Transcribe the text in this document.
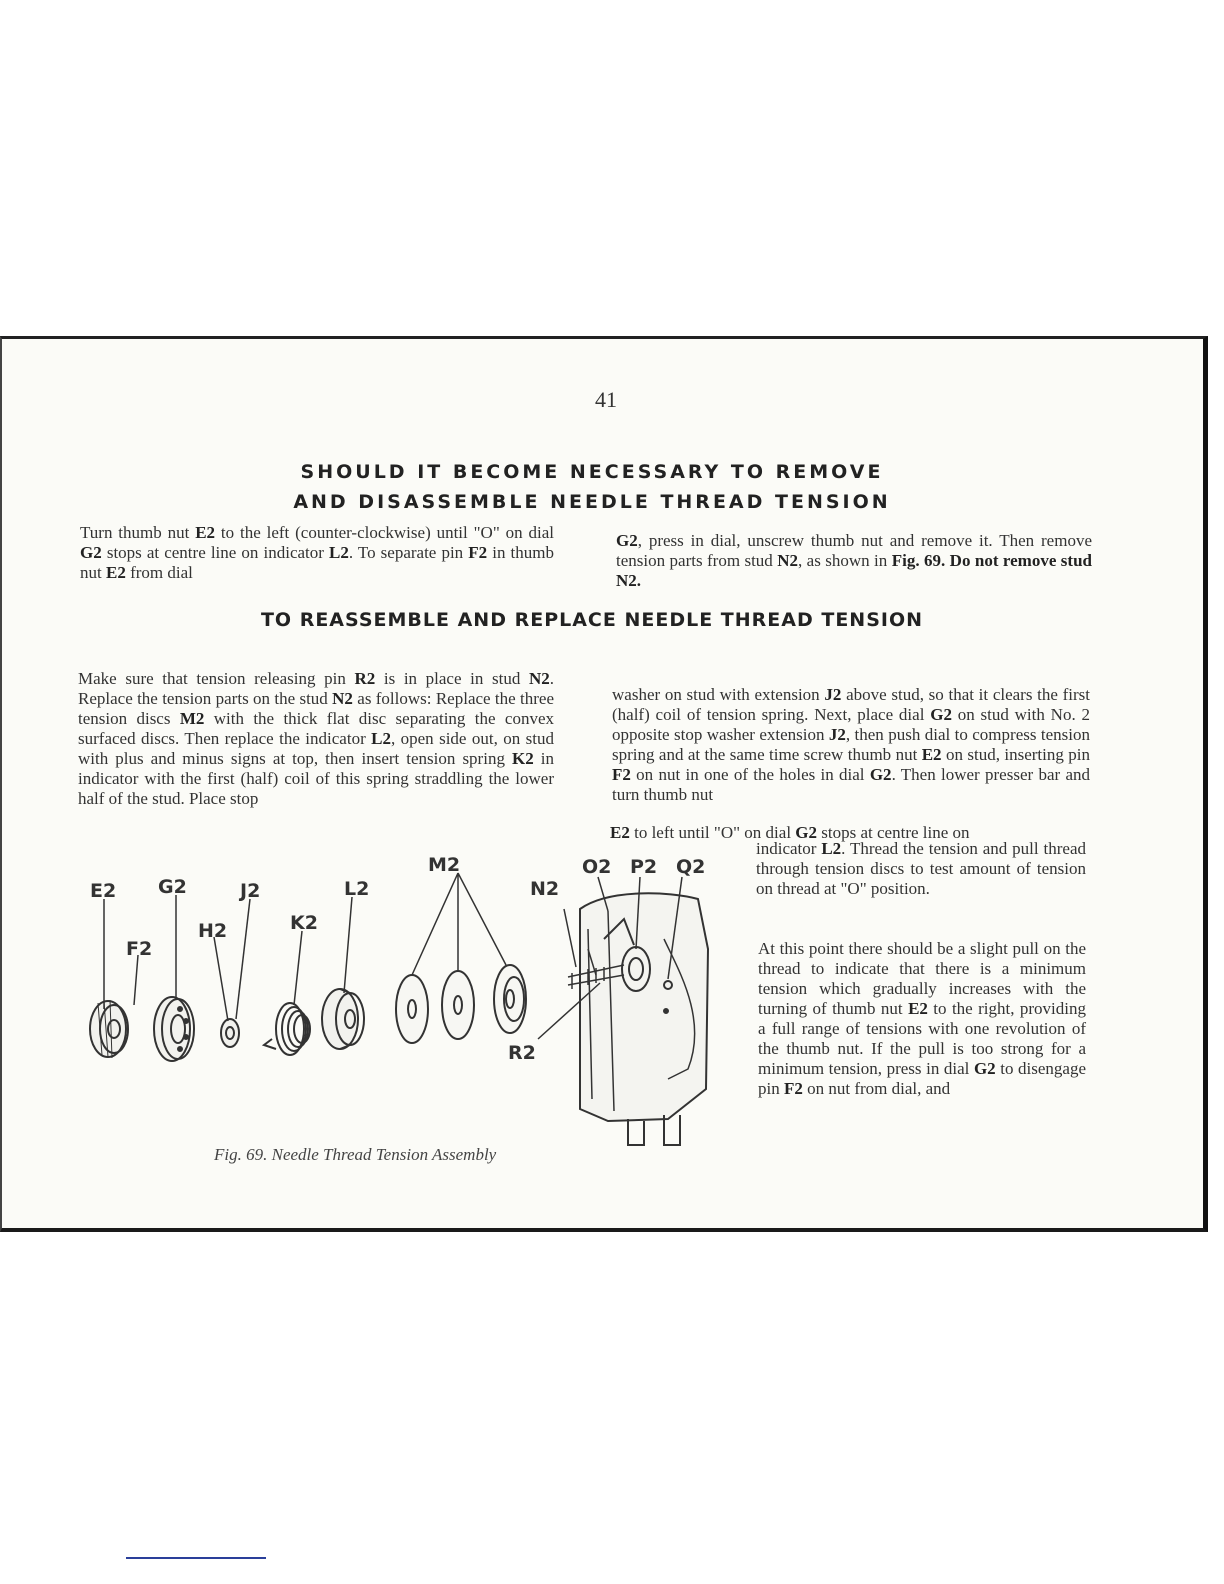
41
SHOULD IT BECOME NECESSARY TO REMOVE
AND DISASSEMBLE NEEDLE THREAD TENSION
Turn thumb nut E2 to the left (counter-clockwise) until "O" on dial G2 stops at centre line on indicator L2. To separate pin F2 in thumb nut E2 from dial
G2, press in dial, unscrew thumb nut and remove it. Then remove tension parts from stud N2, as shown in Fig. 69. Do not remove stud N2.
TO REASSEMBLE AND REPLACE NEEDLE THREAD TENSION
Make sure that tension releasing pin R2 is in place in stud N2. Replace the tension parts on the stud N2 as follows: Replace the three tension discs M2 with the thick flat disc separating the convex surfaced discs. Then replace the indicator L2, open side out, on stud with plus and minus signs at top, then insert tension spring K2 in indicator with the first (half) coil of this spring straddling the lower half of the stud. Place stop
washer on stud with extension J2 above stud, so that it clears the first (half) coil of tension spring. Next, place dial G2 on stud with No. 2 opposite stop washer extension J2, then push dial to compress tension spring and at the same time screw thumb nut E2 on stud, inserting pin F2 on nut in one of the holes in dial G2. Then lower presser bar and turn thumb nut
E2 to left until "O" on dial G2 stops at centre line on
indicator L2. Thread the tension and pull thread through tension discs to test amount of tension on thread at "O" position.
At this point there should be a slight pull on the thread to indicate that there is a minimum tension which gradually increases with the turning of thumb nut E2 to the right, providing a full range of tensions with one revolution of the thumb nut. If the pull is too strong for a minimum tension, press in dial G2 to disengage pin F2 on nut from dial, and
E2
F2
G2
H2
J2
K2
L2
M2
N2
O2 P2 Q2
R2
Fig. 69. Needle Thread Tension Assembly
